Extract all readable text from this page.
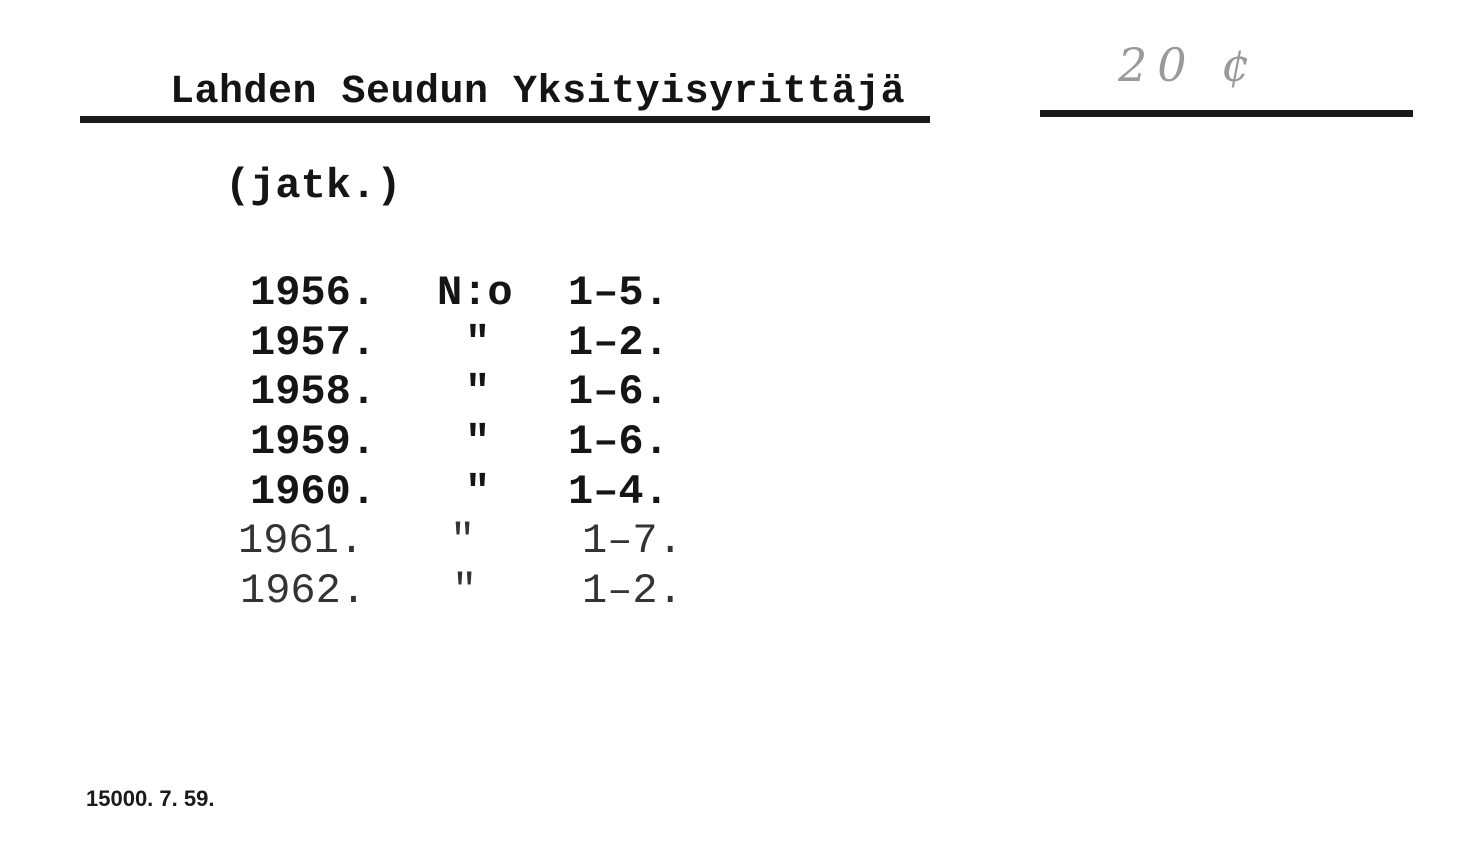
Lahden Seudun Yksityisyrittäjä
20 ¢
(jatk.)
1956. N:o 1–5.
1957. " 1–2.
1958. " 1–6.
1959. " 1–6.
1960. " 1–4.
1961. "	1–7.
1962. " 1–2.
15000. 7. 59.
